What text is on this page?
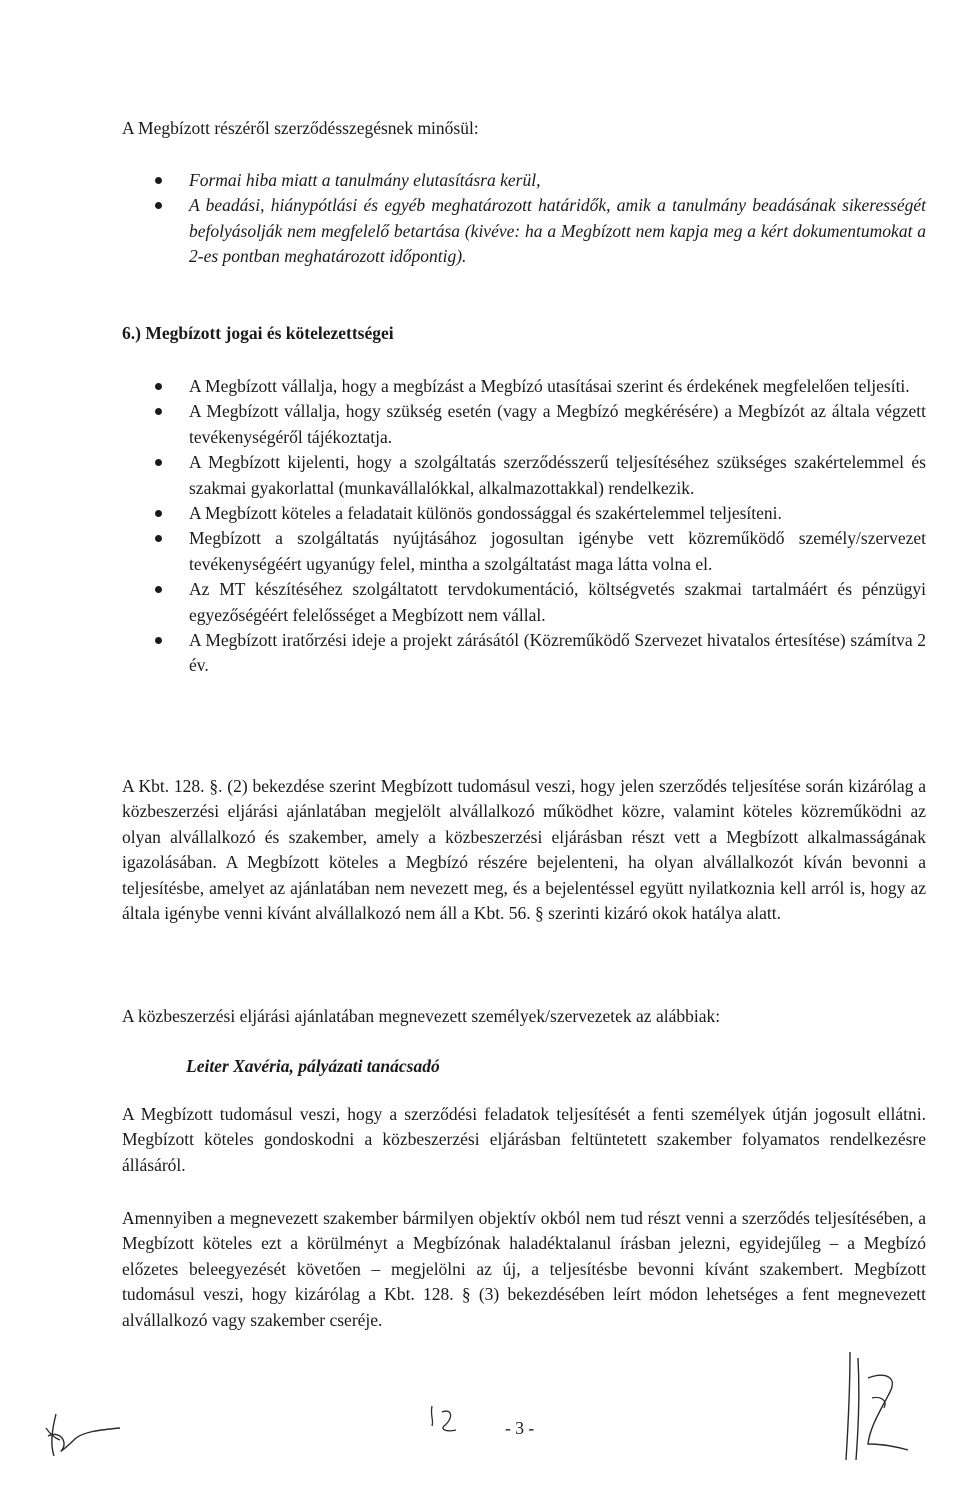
A Megbízott részéről szerződésszegésnek minősül:

Formai hiba miatt a tanulmány elutasításra kerül,
A beadási, hiánypótlási és egyéb meghatározott határidők, amik a tanulmány beadásának sikerességét befolyásolják nem megfelelő betartása (kivéve: ha a Megbízott nem kapja meg a kért dokumentumokat a 2-es pontban meghatározott időpontig).

6.) Megbízott jogai és kötelezettségei

A Megbízott vállalja, hogy a megbízást a Megbízó utasításai szerint és érdekének megfelelően teljesíti.
A Megbízott vállalja, hogy szükség esetén (vagy a Megbízó megkérésére) a Megbízót az általa végzett tevékenységéről tájékoztatja.
A Megbízott kijelenti, hogy a szolgáltatás szerződésszerű teljesítéséhez szükséges szakértelemmel és szakmai gyakorlattal (munkavállalókkal, alkalmazottakkal) rendelkezik.
A Megbízott köteles a feladatait különös gondossággal és szakértelemmel teljesíteni.
Megbízott a szolgáltatás nyújtásához jogosultan igénybe vett közreműködő személy/szervezet tevékenységéért ugyanúgy felel, mintha a szolgáltatást maga látta volna el.
Az MT készítéséhez szolgáltatott tervdokumentáció, költségvetés szakmai tartalmáért és pénzügyi egyezőségéért felelősséget a Megbízott nem vállal.
A Megbízott iratőrzési ideje a projekt zárásától (Közreműködő Szervezet hivatalos értesítése) számítva 2 év.

A Kbt. 128. §. (2) bekezdése szerint Megbízott tudomásul veszi, hogy jelen szerződés teljesítése során kizárólag a közbeszerzési eljárási ajánlatában megjelölt alvállalkozó működhet közre, valamint köteles közreműködni az olyan alvállalkozó és szakember, amely a közbeszerzési eljárásban részt vett a Megbízott alkalmasságának igazolásában. A Megbízott köteles a Megbízó részére bejelenteni, ha olyan alvállalkozót kíván bevonni a teljesítésbe, amelyet az ajánlatában nem nevezett meg, és a bejelentéssel együtt nyilatkoznia kell arról is, hogy az általa igénybe venni kívánt alvállalkozó nem áll a Kbt. 56. § szerinti kizáró okok hatálya alatt.

A közbeszerzési eljárási ajánlatában megnevezett személyek/szervezetek az alábbiak:

Leiter Xavéria, pályázati tanácsadó

A Megbízott tudomásul veszi, hogy a szerződési feladatok teljesítését a fenti személyek útján jogosult ellátni. Megbízott köteles gondoskodni a közbeszerzési eljárásban feltüntetett szakember folyamatos rendelkezésre állásáról.

Amennyiben a megnevezett szakember bármilyen objektív okból nem tud részt venni a szerződés teljesítésében, a Megbízott köteles ezt a körülményt a Megbízónak haladéktalanul írásban jelezni, egyidejűleg – a Megbízó előzetes beleegyezését követően – megjelölni az új, a teljesítésbe bevonni kívánt szakembert. Megbízott tudomásul veszi, hogy kizárólag a Kbt. 128. § (3) bekezdésében leírt módon lehetséges a fent megnevezett alvállalkozó vagy szakember cseréje.

- 3 -
